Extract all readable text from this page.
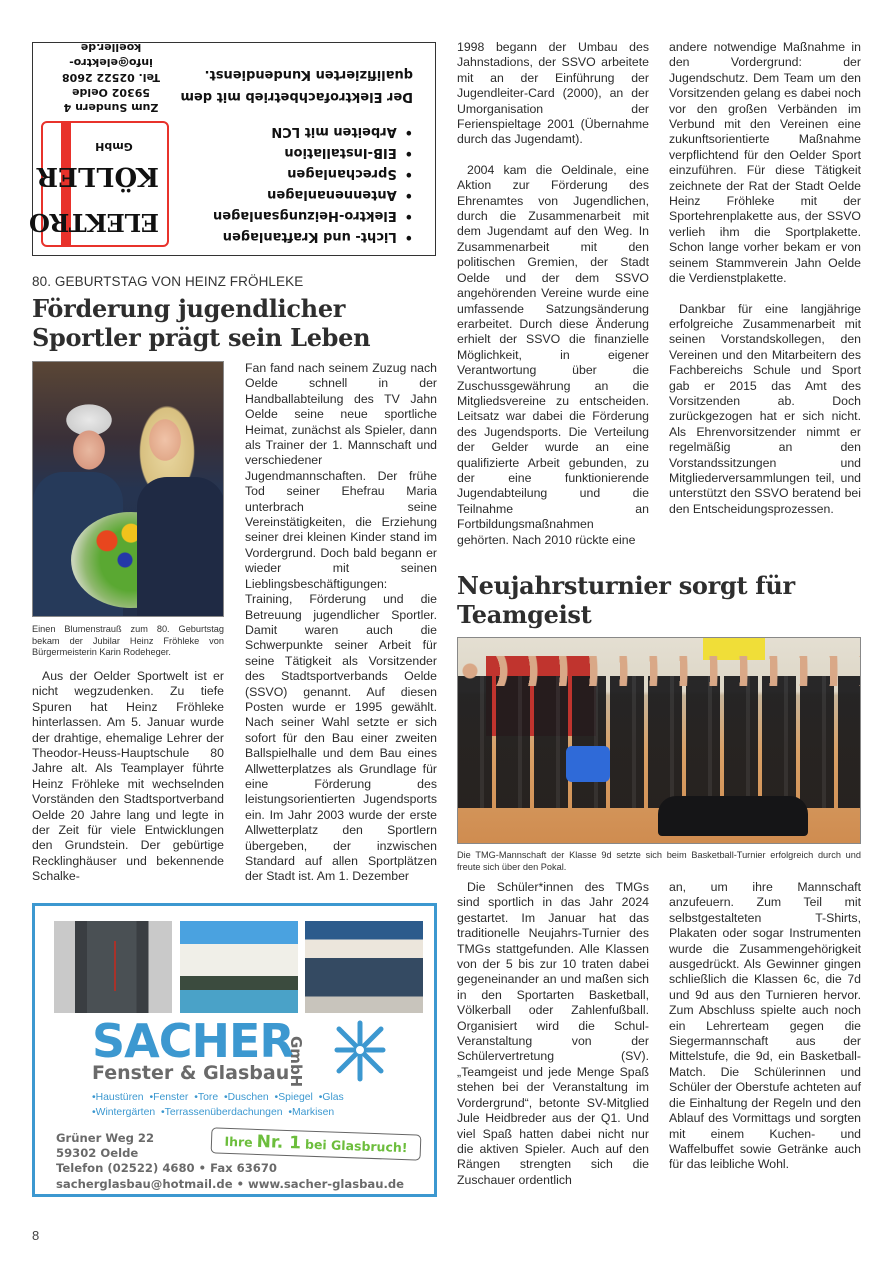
ELEKTRO
KÖLLER
GmbH
Zum Sundern 4
59302 Oelde
Tel. 02522 2608
info@elektro-koeller.de
• Licht- und Kraftanlagen
• Elektro-Heizungsanlagen
• Antennenanlagen
• Sprechanlagen
• EIB-Installation
• Arbeiten mit LCN
Der Elektrofachbetrieb mit dem
qualifizierten Kundendienst.
80. GEBURTSTAG VON HEINZ FRÖHLEKE
Förderung jugendlicher Sportler prägt sein Leben
Einen Blumenstrauß zum 80. Geburtstag bekam der Jubilar Heinz Fröhleke von Bürgermeisterin Karin Rodeheger.

Aus der Oelder Sportwelt ist er nicht wegzudenken. Zu tiefe Spuren hat Heinz Fröhleke hinterlassen. Am 5. Januar wurde der drahtige, ehemalige Lehrer der Theodor-Heuss-Hauptschule 80 Jahre alt. Als Teamplayer führte Heinz Fröhleke mit wechselnden Vorständen den Stadtsportverband Oelde 20 Jahre lang und legte in der Zeit für viele Entwicklungen den Grundstein. Der gebürtige Recklinghäuser und bekennende Schalke-

Fan fand nach seinem Zuzug nach Oelde schnell in der Handballabteilung des TV Jahn Oelde seine neue sportliche Heimat, zunächst als Spieler, dann als Trainer der 1. Mannschaft und verschiedener Jugendmannschaften. Der frühe Tod seiner Ehefrau Maria unterbrach seine Vereinstätigkeiten, die Erziehung seiner drei kleinen Kinder stand im Vordergrund. Doch bald begann er wieder mit seinen Lieblingsbeschäftigungen: Training, Förderung und die Betreuung jugendlicher Sportler. Damit waren auch die Schwerpunkte seiner Arbeit für seine Tätigkeit als Vorsitzender des Stadtsportverbands Oelde (SSVO) genannt. Auf diesen Posten wurde er 1995 gewählt. Nach seiner Wahl setzte er sich sofort für den Bau einer zweiten Ballspielhalle und dem Bau eines Allwetterplatzes als Grundlage für eine Förderung des leistungsorientierten Jugendsports ein. Im Jahr 2003 wurde der erste Allwetterplatz den Sportlern übergeben, der inzwischen Standard auf allen Sportplätzen der Stadt ist. Am 1. Dezember

1998 begann der Umbau des Jahnstadions, der SSVO arbeitete mit an der Einführung der Jugendleiter-Card (2000), an der Umorganisation der Ferienspieltage 2001 (Übernahme durch das Jugendamt).

2004 kam die Oeldinale, eine Aktion zur Förderung des Ehrenamtes von Jugendlichen, durch die Zusammenarbeit mit dem Jugendamt auf den Weg. In Zusammenarbeit mit den politischen Gremien, der Stadt Oelde und der dem SSVO angehörenden Vereine wurde eine umfassende Satzungsänderung erarbeitet. Durch diese Änderung erhielt der SSVO die finanzielle Möglichkeit, in eigener Verantwortung über die Zuschussgewährung an die Mitgliedsvereine zu entscheiden. Leitsatz war dabei die Förderung des Jugendsports. Die Verteilung der Gelder wurde an eine qualifizierte Arbeit gebunden, zu der eine funktionierende Jugendabteilung und die Teilnahme an Fortbildungsmaßnahmen gehörten. Nach 2010 rückte eine

andere notwendige Maßnahme in den Vordergrund: der Jugendschutz. Dem Team um den Vorsitzenden gelang es dabei noch vor den großen Verbänden im Verbund mit den Vereinen eine zukunftsorientierte Maßnahme verpflichtend für den Oelder Sport einzuführen. Für diese Tätigkeit zeichnete der Rat der Stadt Oelde Heinz Fröhleke mit der Sportehrenplakette aus, der SSVO verlieh ihm die Sportplakette. Schon lange vorher bekam er von seinem Stammverein Jahn Oelde die Verdienstplakette.

Dankbar für eine langjährige erfolgreiche Zusammenarbeit mit seinen Vorstandskollegen, den Vereinen und den Mitarbeitern des Fachbereichs Schule und Sport gab er 2015 das Amt des Vorsitzenden ab. Doch zurückgezogen hat er sich nicht. Als Ehrenvorsitzender nimmt er regelmäßig an den Vorstandssitzungen und Mitgliederversammlungen teil, und unterstützt den SSVO beratend bei den Entscheidungsprozessen.

Neujahrsturnier sorgt für Teamgeist
Die TMG-Mannschaft der Klasse 9d setzte sich beim Basketball-Turnier erfolgreich durch und freute sich über den Pokal.

Die Schüler*innen des TMGs sind sportlich in das Jahr 2024 gestartet. Im Januar hat das traditionelle Neujahrs-Turnier des TMGs stattgefunden. Alle Klassen von der 5 bis zur 10 traten dabei gegeneinander an und maßen sich in den Sportarten Basketball, Völkerball oder Zahlenfußball. Organisiert wird die Schul-Veranstaltung von der Schülervertretung (SV). „Teamgeist und jede Menge Spaß stehen bei der Veranstaltung im Vordergrund“, betonte SV-Mitglied Jule Heidbreder aus der Q1. Und viel Spaß hatten dabei nicht nur die aktiven Spieler. Auch auf den Rängen strengten sich die Zuschauer ordentlich

an, um ihre Mannschaft anzufeuern. Zum Teil mit selbstgestalteten T-Shirts, Plakaten oder sogar Instrumenten wurde die Zusammengehörigkeit ausgedrückt. Als Gewinner gingen schließlich die Klassen 6c, die 7d und 9d aus den Turnieren hervor. Zum Abschluss spielte auch noch ein Lehrerteam gegen die Siegermannschaft aus der Mittelstufe, die 9d, ein Basketball-Match. Die Schülerinnen und Schüler der Oberstufe achteten auf die Einhaltung der Regeln und den Ablauf des Vormittags und sorgten mit einem Kuchen- und Waffelbuffet sowie Getränke auch für das leibliche Wohl.

SACHER
GmbH
Fenster & Glasbau
• Haustüren • Fenster • Tore • Duschen • Spiegel • Glas
• Wintergärten • Terrassenüberdachungen • Markisen
Ihre Nr. 1 bei Glasbruch!
Grüner Weg 22
59302 Oelde
Telefon (02522) 4680 • Fax 63670
sacherglasbau@hotmail.de • www.sacher-glasbau.de
8
